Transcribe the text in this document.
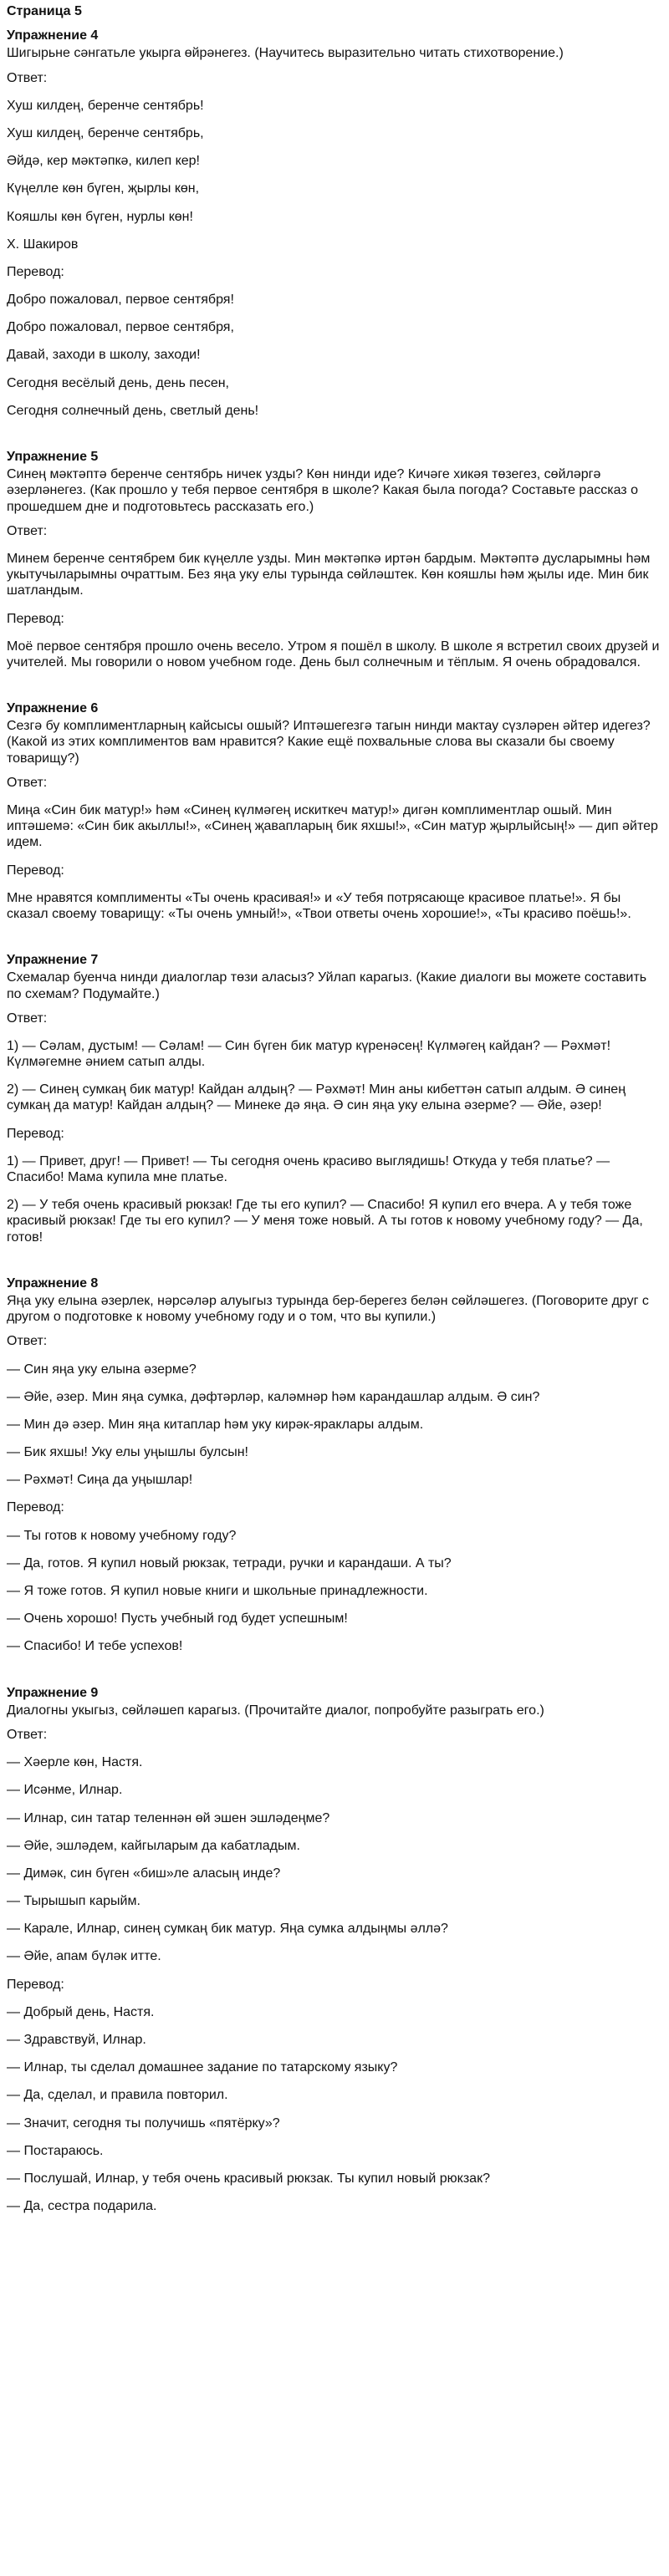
Страница 5
Упражнение 4
Шигырьне сәнгатьле укырга өйрәнегез. (Научитесь выразительно читать стихотворение.)
Ответ:
Хуш килдең, беренче сентябрь!
Хуш килдең, беренче сентябрь,
Әйдә, кер мәктәпкә, килеп кер!
Күңелле көн бүген, җырлы көн,
Кояшлы көн бүген, нурлы көн!
Х. Шакиров
Перевод:
Добро пожаловал, первое сентября!
Добро пожаловал, первое сентября,
Давай, заходи в школу, заходи!
Сегодня весёлый день, день песен,
Сегодня солнечный день, светлый день!
Упражнение 5
Синең мәктәптә беренче сентябрь ничек узды? Көн нинди иде? Кичәге хикәя төзегез, сөйләргә әзерләнегез. (Как прошло у тебя первое сентября в школе? Какая была погода? Составьте рассказ о прошедшем дне и подготовьтесь рассказать его.)
Ответ:
Минем беренче сентябрем бик күңелле узды. Мин мәктәпкә иртән бардым. Мәктәптә дусларымны һәм укытучыларымны очраттым. Без яңа уку елы турында сөйләштек. Көн кояшлы һәм җылы иде. Мин бик шатландым.
Перевод:
Моё первое сентября прошло очень весело. Утром я пошёл в школу. В школе я встретил своих друзей и учителей. Мы говорили о новом учебном годе. День был солнечным и тёплым. Я очень обрадовался.
Упражнение 6
Сезгә бу комплиментларның кайсысы ошый? Иптәшегезгә тагын нинди мактау сүзләрен әйтер идегез? (Какой из этих комплиментов вам нравится? Какие ещё похвальные слова вы сказали бы своему товарищу?)
Ответ:
Миңа «Син бик матур!» һәм «Синең күлмәгең искиткеч матур!» дигән комплиментлар ошый. Мин иптәшемә: «Син бик акыллы!», «Синең җавапларың бик яхшы!», «Син матур җырлыйсың!» — дип әйтер идем.
Перевод:
Мне нравятся комплименты «Ты очень красивая!» и «У тебя потрясающе красивое платье!». Я бы сказал своему товарищу: «Ты очень умный!», «Твои ответы очень хорошие!», «Ты красиво поёшь!».
Упражнение 7
Схемалар буенча нинди диалоглар төзи аласыз? Уйлап карагыз. (Какие диалоги вы можете составить по схемам? Подумайте.)
Ответ:
1) — Сәлам, дустым! — Сәлам! — Син бүген бик матур күренәсең! Күлмәгең кайдан? — Рәхмәт! Күлмәгемне әнием сатып алды.
2) — Синең сумкаң бик матур! Кайдан алдың? — Рәхмәт! Мин аны кибеттән сатып алдым. Ә синең сумкаң да матур! Кайдан алдың? — Минеке дә яңа. Ә син яңа уку елына әзерме? — Әйе, әзер!
Перевод:
1) — Привет, друг! — Привет! — Ты сегодня очень красиво выглядишь! Откуда у тебя платье? — Спасибо! Мама купила мне платье.
2) — У тебя очень красивый рюкзак! Где ты его купил? — Спасибо! Я купил его вчера. А у тебя тоже красивый рюкзак! Где ты его купил? — У меня тоже новый. А ты готов к новому учебному году? — Да, готов!
Упражнение 8
Яңа уку елына әзерлек, нәрсәләр алуыгыз турында бер-берегез белән сөйләшегез. (Поговорите друг с другом о подготовке к новому учебному году и о том, что вы купили.)
Ответ:
— Син яңа уку елына әзерме?
— Әйе, әзер. Мин яңа сумка, дәфтәрләр, каләмнәр һәм карандашлар алдым. Ә син?
— Мин дә әзер. Мин яңа китаплар һәм уку кирәк-яраклары алдым.
— Бик яхшы! Уку елы уңышлы булсын!
— Рәхмәт! Сиңа да уңышлар!
Перевод:
— Ты готов к новому учебному году?
— Да, готов. Я купил новый рюкзак, тетради, ручки и карандаши. А ты?
— Я тоже готов. Я купил новые книги и школьные принадлежности.
— Очень хорошо! Пусть учебный год будет успешным!
— Спасибо! И тебе успехов!
Упражнение 9
Диалогны укыгыз, сөйләшеп карагыз. (Прочитайте диалог, попробуйте разыграть его.)
Ответ:
— Хәерле көн, Настя.
— Исәнме, Илнар.
— Илнар, син татар теленнән өй эшен эшләдеңме?
— Әйе, эшләдем, кайгыларым да кабатладым.
— Димәк, син бүген «биш»ле алаcың инде?
— Тырышып карыйм.
— Карале, Илнар, синең сумкаң бик матур. Яңа сумка алдыңмы әллә?
— Әйе, апам бүләк итте.
Перевод:
— Добрый день, Настя.
— Здравствуй, Илнар.
— Илнар, ты сделал домашнее задание по татарскому языку?
— Да, сделал, и правила повторил.
— Значит, сегодня ты получишь «пятёрку»?
— Постараюсь.
— Послушай, Илнар, у тебя очень красивый рюкзак. Ты купил новый рюкзак?
— Да, сестра подарила.
